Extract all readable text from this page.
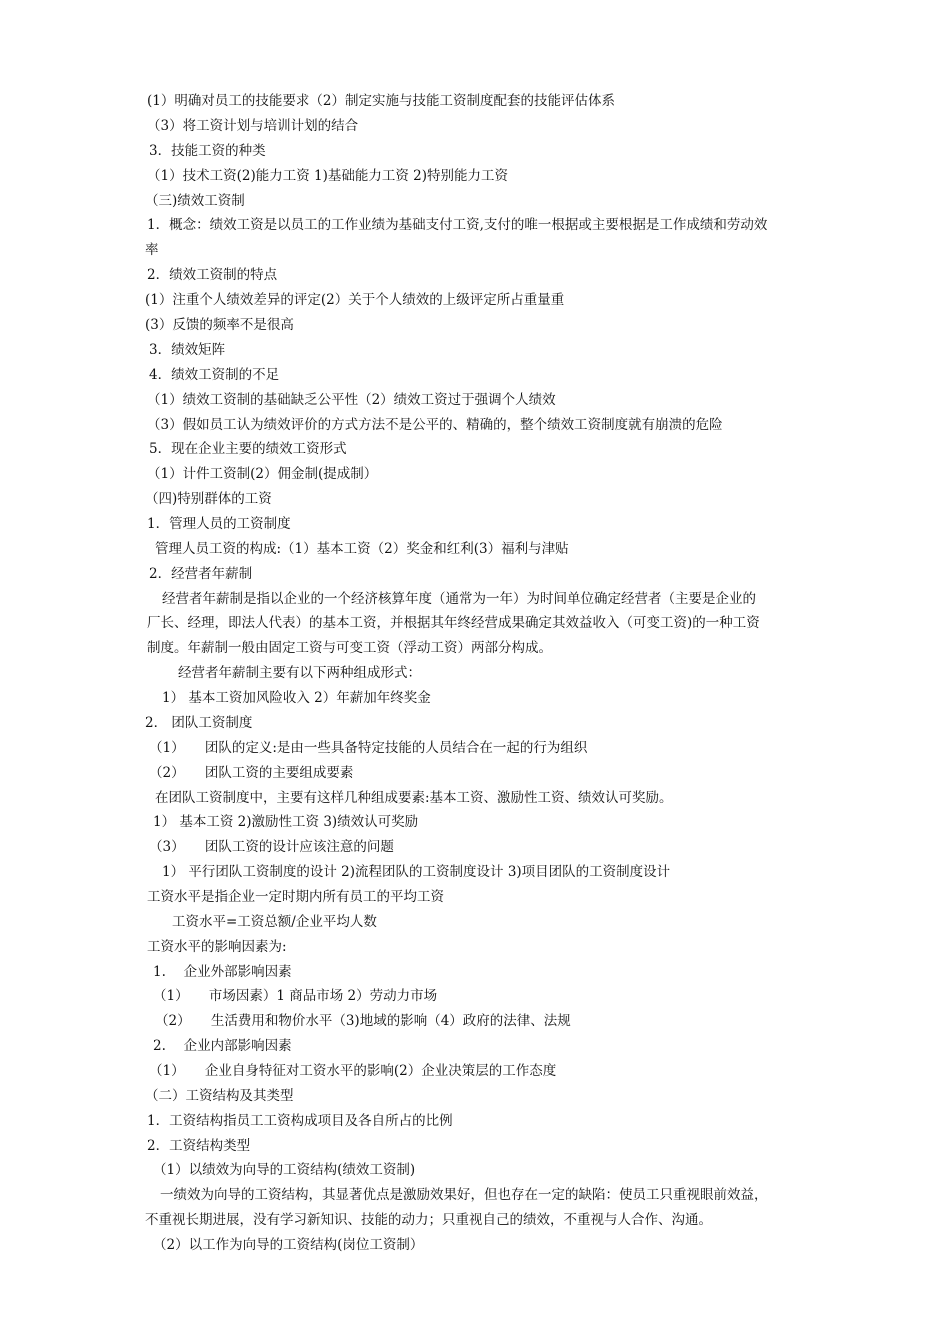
(1）明确对员工的技能要求（2）制定实施与技能工资制度配套的技能评估体系
（3）将工资计划与培训计划的结合
3．技能工资的种类
（1）技术工资(2)能力工资 1)基础能力工资 2)特别能力工资
（三)绩效工资制
1．概念：绩效工资是以员工的工作业绩为基础支付工资,支付的唯一根据或主要根据是工作成绩和劳动效
率
2．绩效工资制的特点
(1）注重个人绩效差异的评定(2）关于个人绩效的上级评定所占重量重
(3）反馈的频率不是很高
3．绩效矩阵
4．绩效工资制的不足
（1）绩效工资制的基础缺乏公平性（2）绩效工资过于强调个人绩效
（3）假如员工认为绩效评价的方式方法不是公平的、精确的，整个绩效工资制度就有崩溃的危险
5．现在企业主要的绩效工资形式
（1）计件工资制(2）佣金制(提成制）
（四)特别群体的工资
1．管理人员的工资制度
管理人员工资的构成:（1）基本工资（2）奖金和红利(3）福利与津贴
2．经营者年薪制
经营者年薪制是指以企业的一个经济核算年度（通常为一年）为时间单位确定经营者（主要是企业的
厂长、经理，即法人代表）的基本工资，并根据其年终经营成果确定其效益收入（可变工资)的一种工资
制度。年薪制一般由固定工资与可变工资（浮动工资）两部分构成。
经营者年薪制主要有以下两种组成形式：
1） 基本工资加风险收入 2）年薪加年终奖金
2． 团队工资制度
（1）　　团队的定义:是由一些具备特定技能的人员结合在一起的行为组织
（2）　　团队工资的主要组成要素
在团队工资制度中，主要有这样几种组成要素:基本工资、激励性工资、绩效认可奖励。
1） 基本工资 2)激励性工资 3)绩效认可奖励
（3）　　团队工资的设计应该注意的问题
1） 平行团队工资制度的设计 2)流程团队的工资制度设计 3)项目团队的工资制度设计
工资水平是指企业一定时期内所有员工的平均工资
工资水平=工资总额/企业平均人数
工资水平的影响因素为:
1.　 企业外部影响因素
（1）　　市场因素）1 商品市场 2）劳动力市场
（2）　　生活费用和物价水平（3)地域的影响（4）政府的法律、法规
2.　 企业内部影响因素
（1）　　企业自身特征对工资水平的影响(2）企业决策层的工作态度
（二）工资结构及其类型
1．工资结构指员工工资构成项目及各自所占的比例
2．工资结构类型
（1）以绩效为向导的工资结构(绩效工资制)
一绩效为向导的工资结构，其显著优点是激励效果好，但也存在一定的缺陷：使员工只重视眼前效益，
不重视长期进展，没有学习新知识、技能的动力；只重视自己的绩效，不重视与人合作、沟通。
（2）以工作为向导的工资结构(岗位工资制）
